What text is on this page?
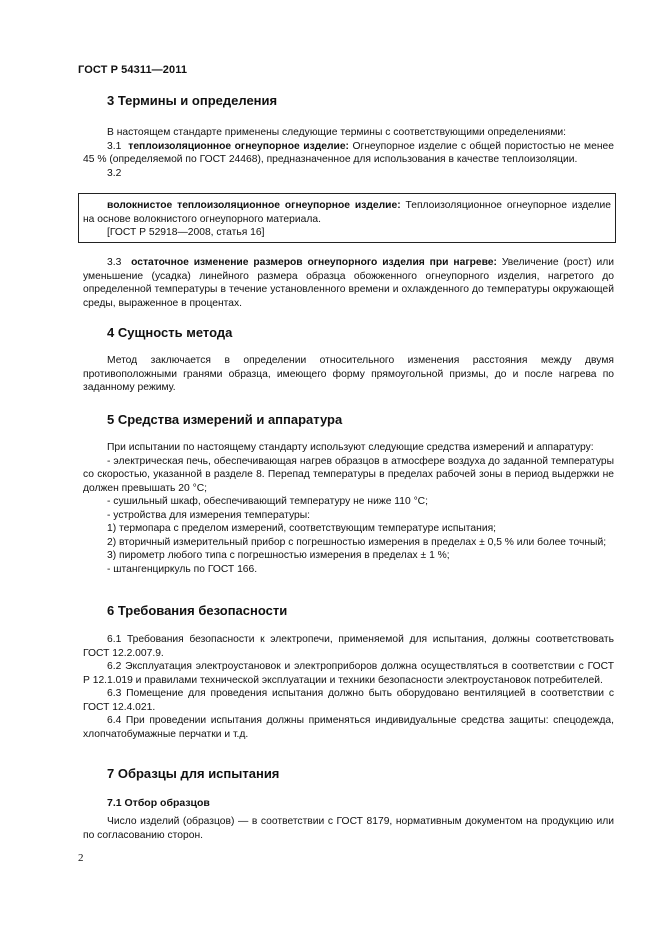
ГОСТ Р 54311—2011
3 Термины и определения

В настоящем стандарте применены следующие термины с соответствующими определениями:

3.1 теплоизоляционное огнеупорное изделие: Огнеупорное изделие с общей пористостью не менее 45 % (определяемой по ГОСТ 24468), предназначенное для использования в качестве теплоизоляции.

3.2

волокнистое теплоизоляционное огнеупорное изделие: Теплоизоляционное огнеупорное изделие на основе волокнистого огнеупорного материала.

[ГОСТ Р 52918—2008, статья 16]

3.3 остаточное изменение размеров огнеупорного изделия при нагреве: Увеличение (рост) или уменьшение (усадка) линейного размера образца обожженного огнеупорного изделия, нагретого до определенной температуры в течение установленного времени и охлажденного до температуры окружающей среды, выраженное в процентах.

4 Сущность метода

Метод заключается в определении относительного изменения расстояния между двумя противоположными гранями образца, имеющего форму прямоугольной призмы, до и после нагрева по заданному режиму.

5 Средства измерений и аппаратура

При испытании по настоящему стандарту используют следующие средства измерений и аппаратуру:

- электрическая печь, обеспечивающая нагрев образцов в атмосфере воздуха до заданной температуры со скоростью, указанной в разделе 8. Перепад температуры в пределах рабочей зоны в период выдержки не должен превышать 20 °С;

- сушильный шкаф, обеспечивающий температуру не ниже 110 °С;

- устройства для измерения температуры:

1) термопара с пределом измерений, соответствующим температуре испытания;

2) вторичный измерительный прибор с погрешностью измерения в пределах ± 0,5 % или более точный;

3) пирометр любого типа с погрешностью измерения в пределах ± 1 %;

- штангенциркуль по ГОСТ 166.

6 Требования безопасности

6.1 Требования безопасности к электропечи, применяемой для испытания, должны соответствовать ГОСТ 12.2.007.9.

6.2 Эксплуатация электроустановок и электроприборов должна осуществляться в соответствии с ГОСТ Р 12.1.019 и правилами технической эксплуатации и техники безопасности электроустановок потребителей.

6.3 Помещение для проведения испытания должно быть оборудовано вентиляцией в соответствии с ГОСТ 12.4.021.

6.4 При проведении испытания должны применяться индивидуальные средства защиты: спецодежда, хлопчатобумажные перчатки и т.д.

7 Образцы для испытания
7.1 Отбор образцов

Число изделий (образцов) — в соответствии с ГОСТ 8179, нормативным документом на продукцию или по согласованию сторон.

2
